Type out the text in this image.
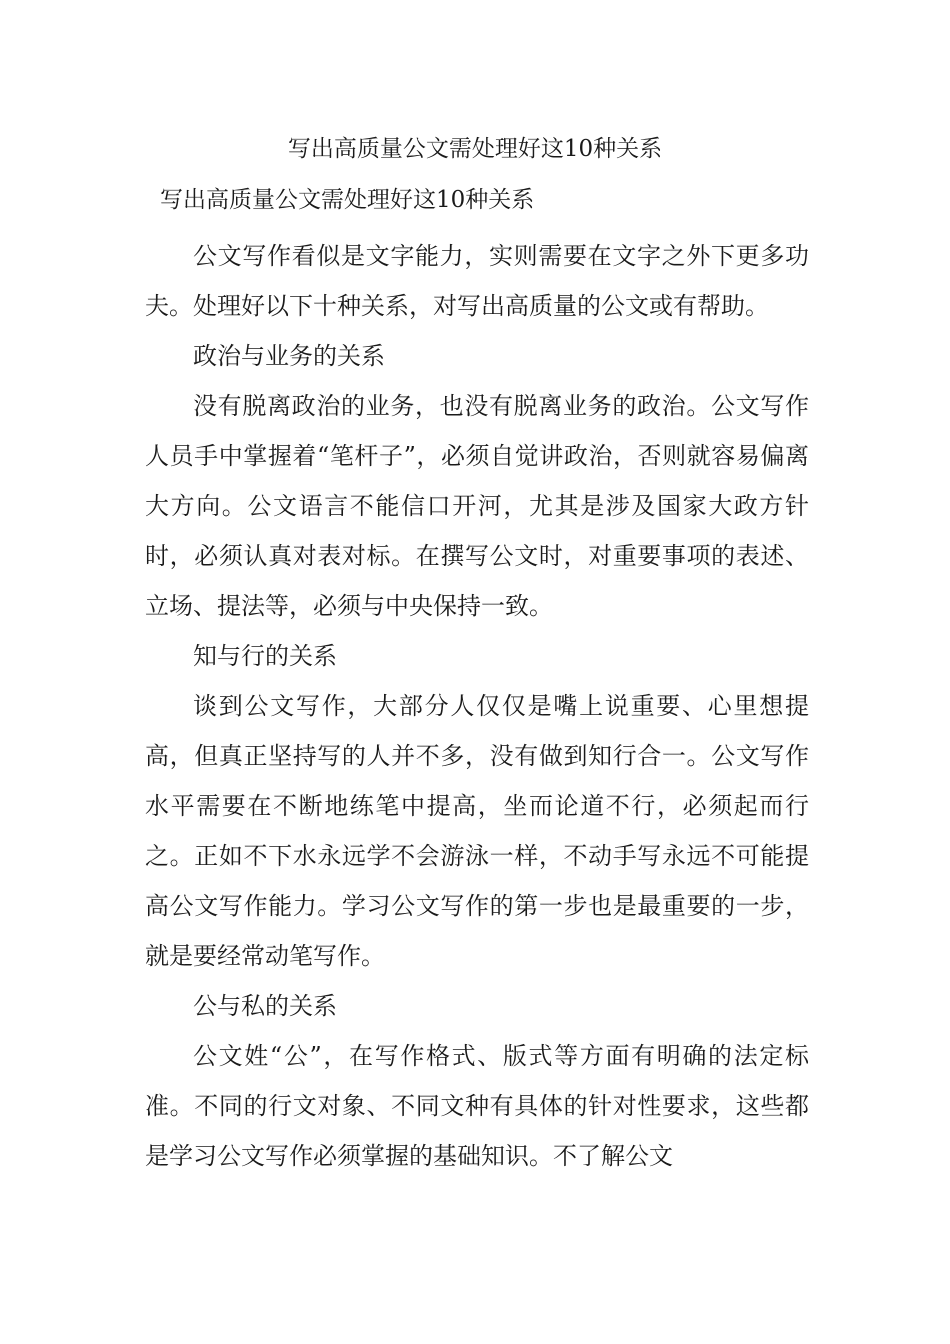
写出高质量公文需处理好这10种关系
写出高质量公文需处理好这10种关系

公文写作看似是文字能力，实则需要在文字之外下更多功夫。处理好以下十种关系，对写出高质量的公文或有帮助。

政治与业务的关系

没有脱离政治的业务，也没有脱离业务的政治。公文写作人员手中掌握着“笔杆子”，必须自觉讲政治，否则就容易偏离大方向。公文语言不能信口开河，尤其是涉及国家大政方针时，必须认真对表对标。在撰写公文时，对重要事项的表述、立场、提法等，必须与中央保持一致。

知与行的关系

谈到公文写作，大部分人仅仅是嘴上说重要、心里想提高，但真正坚持写的人并不多，没有做到知行合一。公文写作水平需要在不断地练笔中提高，坐而论道不行，必须起而行之。正如不下水永远学不会游泳一样，不动手写永远不可能提高公文写作能力。学习公文写作的第一步也是最重要的一步，就是要经常动笔写作。

公与私的关系

公文姓“公”，在写作格式、版式等方面有明确的法定标准。不同的行文对象、不同文种有具体的针对性要求，这些都是学习公文写作必须掌握的基础知识。不了解公文
